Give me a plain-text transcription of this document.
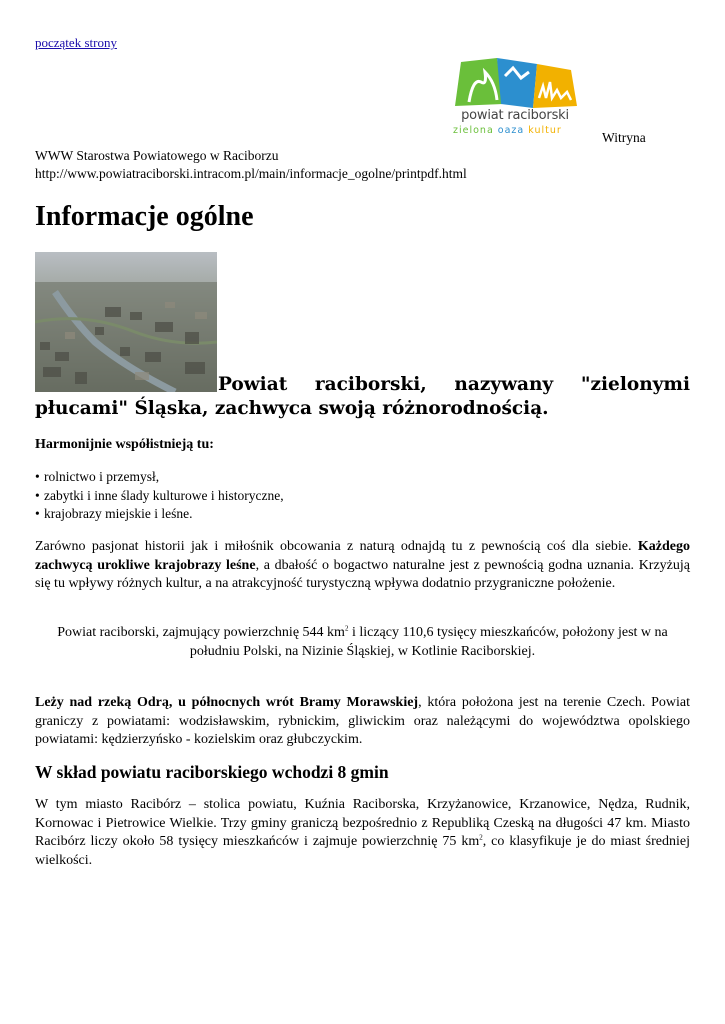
początek strony
powiat raciborski
zielona oaza kultur	Witryna
WWW Starostwa Powiatowego w Raciborzu
http://www.powiatraciborski.intracom.pl/main/informacje_ogolne/printpdf.html
Informacje ogólne
Powiat raciborski, nazywany "zielonymi
płucami" Śląska, zachwyca swoją różnorodnością.
Harmonijnie współistnieją tu:
• rolnictwo i przemysł,
• zabytki i inne ślady kulturowe i historyczne,
• krajobrazy miejskie i leśne.

Zarówno pasjonat historii jak i miłośnik obcowania z naturą odnajdą tu z pewnością coś dla siebie. Każdego zachwycą urokliwe krajobrazy leśne, a dbałość o bogactwo naturalne jest z pewnością godna uznania. Krzyżują się tu wpływy różnych kultur, a na atrakcyjność turystyczną wpływa dodatnio przygraniczne położenie.

Powiat raciborski, zajmujący powierzchnię 544 $km^2$ i liczący 110,6 tysięcy mieszkańców, położony jest w na południu Polski, na Nizinie Śląskiej, w Kotlinie Raciborskiej.

Leży nad rzeką Odrą, u północnych wrót Bramy Morawskiej, która położona jest na terenie Czech. Powiat graniczy z powiatami: wodzisławskim, rybnickim, gliwickim oraz należącymi do województwa opolskiego powiatami: kędzierzyńsko - kozielskim oraz głubczyckim.

W skład powiatu raciborskiego wchodzi 8 gmin

W tym miasto Racibórz – stolica powiatu, Kuźnia Raciborska, Krzyżanowice, Krzanowice, Nędza, Rudnik, Kornowac i Pietrowice Wielkie. Trzy gminy graniczą bezpośrednio z Republiką Czeską na długości 47 km. Miasto Racibórz liczy około 58 tysięcy mieszkańców i zajmuje powierzchnię 75 $km^2$, co klasyfikuje je do miast średniej wielkości.
